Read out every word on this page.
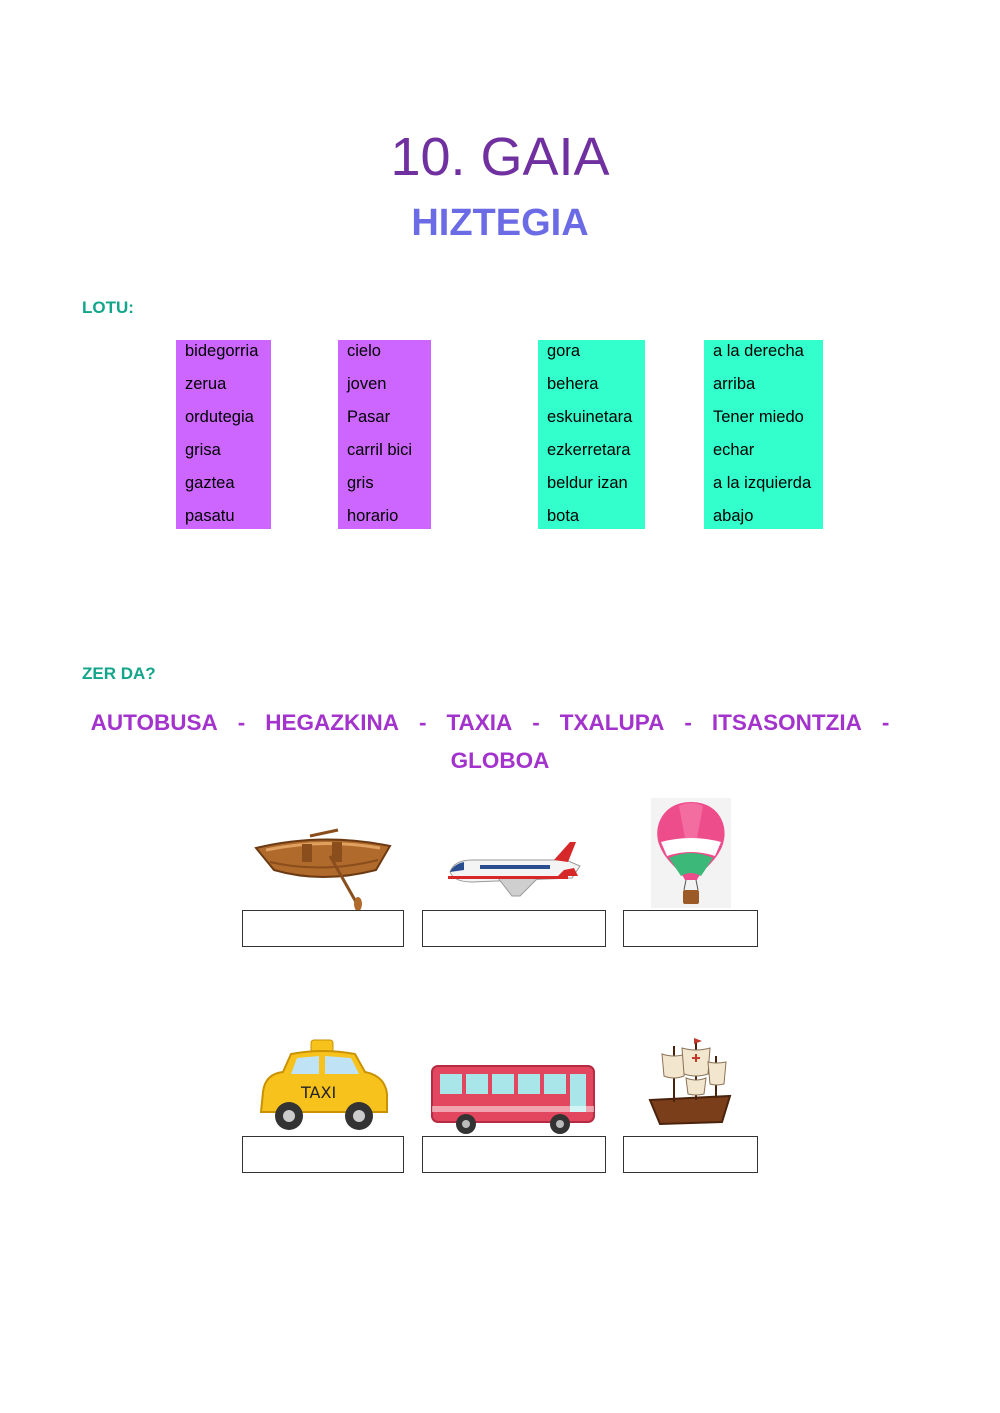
10. GAIA
HIZTEGIA
LOTU:
bidegorria
zerua
ordutegia
grisa
gaztea
pasatu
cielo
joven
Pasar
carril bici
gris
horario
gora
behera
eskuinetara
ezkerretara
beldur izan
bota
a la derecha
arriba
Tener miedo
echar
a la izquierda
abajo
ZER DA?
AUTOBUSA - HEGAZKINA - TAXIA - TXALUPA - ITSASONTZIA -
GLOBOA
TAXI
